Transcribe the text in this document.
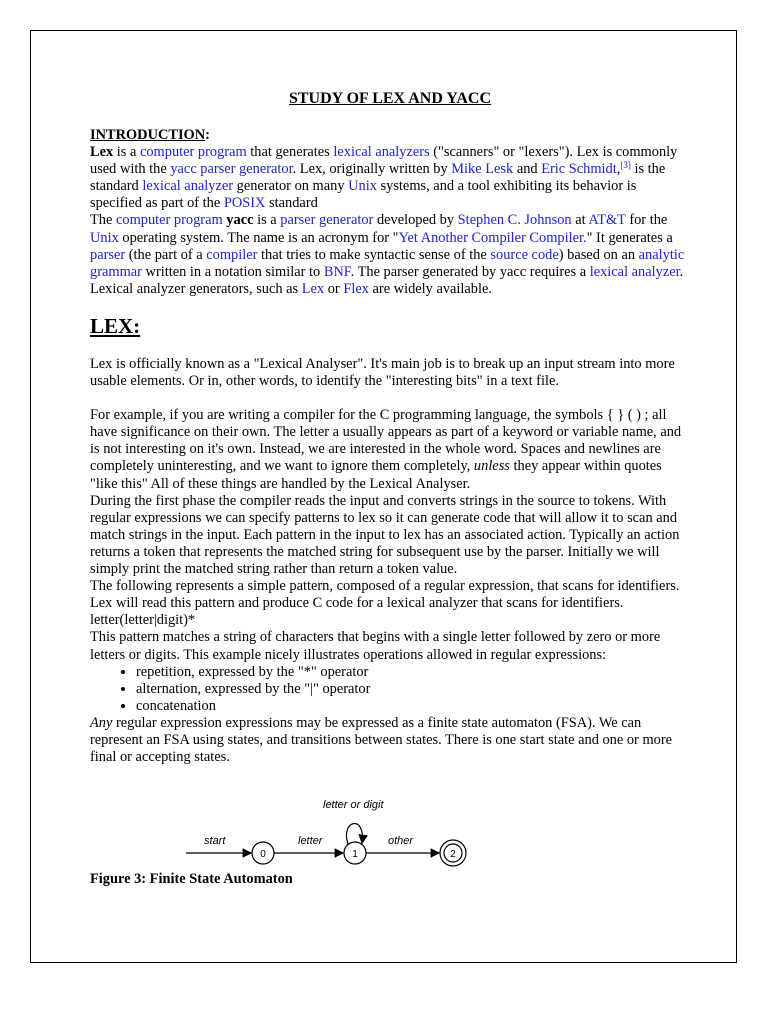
STUDY OF LEX AND YACC

INTRODUCTION:

Lex is a computer program that generates lexical analyzers ("scanners" or "lexers"). Lex is commonly used with the yacc parser generator. Lex, originally written by Mike Lesk and Eric Schmidt,[3] is the standard lexical analyzer generator on many Unix systems, and a tool exhibiting its behavior is specified as part of the POSIX standard

The computer program yacc is a parser generator developed by Stephen C. Johnson at AT&T for the Unix operating system. The name is an acronym for "Yet Another Compiler Compiler." It generates a parser (the part of a compiler that tries to make syntactic sense of the source code) based on an analytic grammar written in a notation similar to BNF. The parser generated by yacc requires a lexical analyzer. Lexical analyzer generators, such as Lex or Flex are widely available.

LEX:

Lex is officially known as a "Lexical Analyser". It's main job is to break up an input stream into more usable elements. Or in, other words, to identify the "interesting bits" in a text file.

For example, if you are writing a compiler for the C programming language, the symbols { } ( ) ; all have significance on their own. The letter a usually appears as part of a keyword or variable name, and is not interesting on it's own. Instead, we are interested in the whole word. Spaces and newlines are completely uninteresting, and we want to ignore them completely, unless they appear within quotes "like this" All of these things are handled by the Lexical Analyser.

During the first phase the compiler reads the input and converts strings in the source to tokens. With regular expressions we can specify patterns to lex so it can generate code that will allow it to scan and match strings in the input. Each pattern in the input to lex has an associated action. Typically an action returns a token that represents the matched string for subsequent use by the parser. Initially we will simply print the matched string rather than return a token value.

The following represents a simple pattern, composed of a regular expression, that scans for identifiers. Lex will read this pattern and produce C code for a lexical analyzer that scans for identifiers.

letter(letter|digit)*

This pattern matches a string of characters that begins with a single letter followed by zero or more letters or digits. This example nicely illustrates operations allowed in regular expressions:

• repetition, expressed by the "*" operator
• alternation, expressed by the "|" operator
• concatenation

Any regular expression expressions may be expressed as a finite state automaton (FSA). We can represent an FSA using states, and transitions between states. There is one start state and one or more final or accepting states.

start
0
letter
1
letter or digit
other
2
Figure 3: Finite State Automaton
